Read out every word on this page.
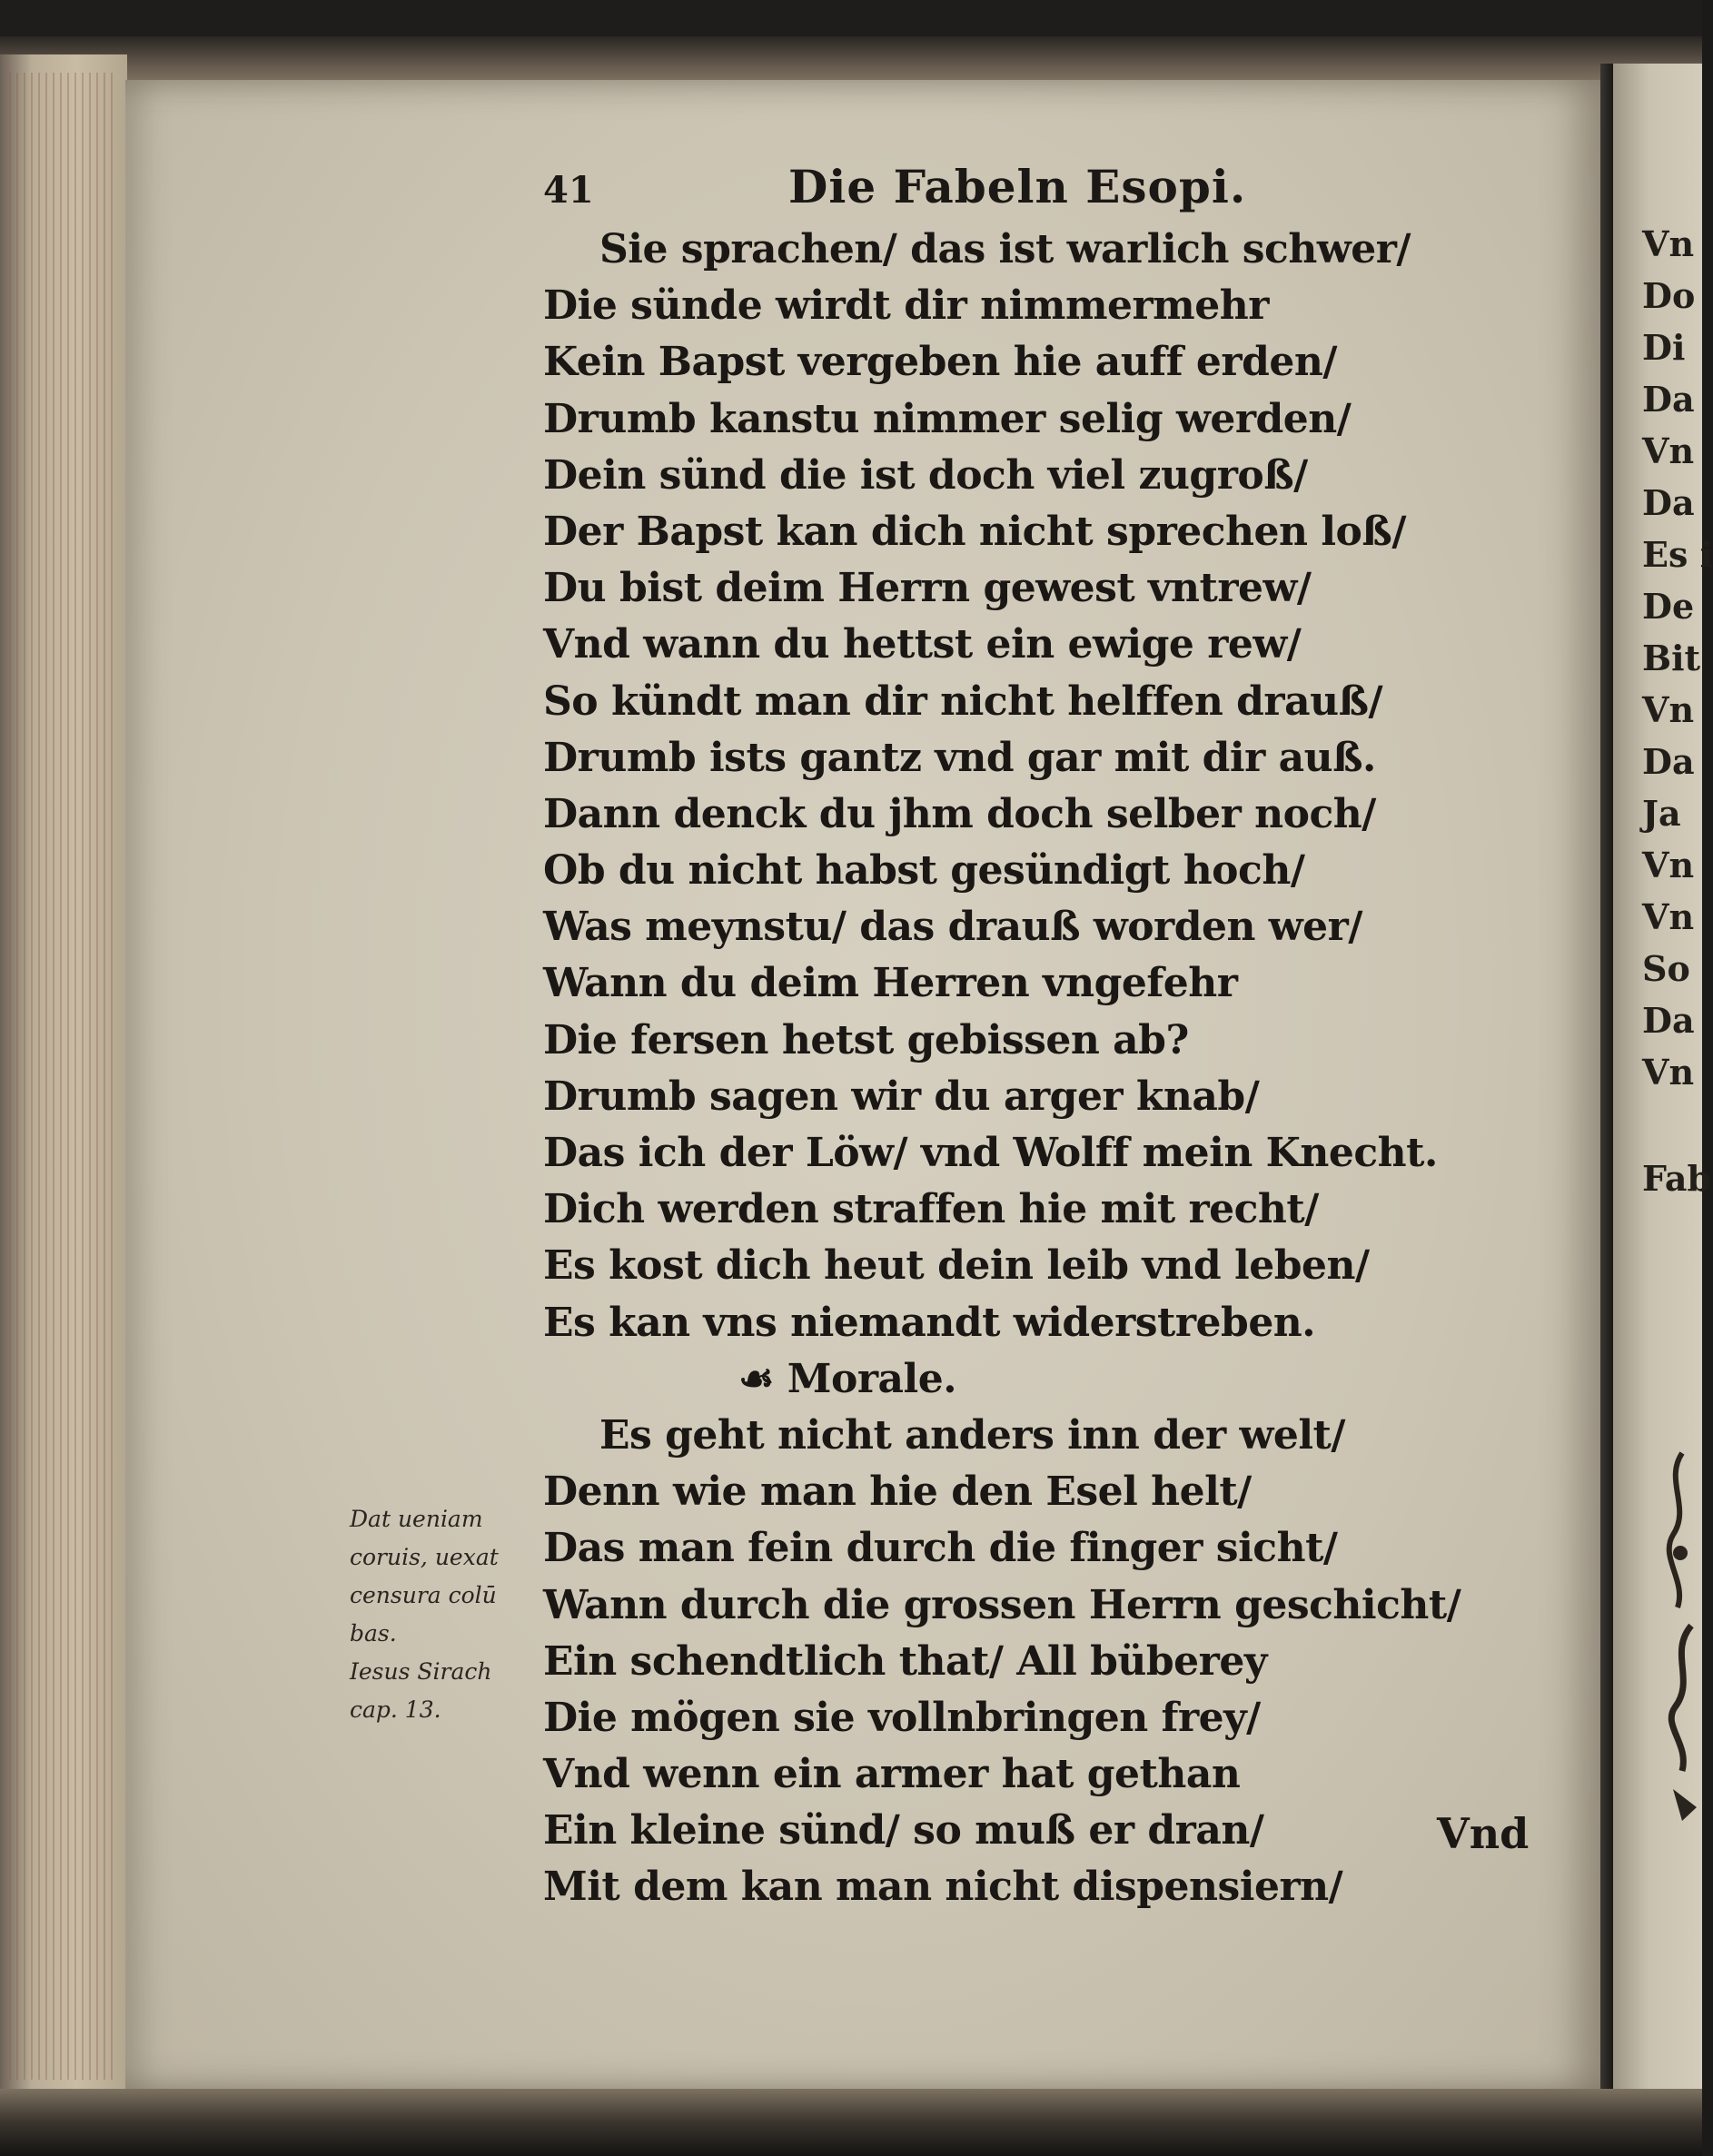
41	Die Fabeln Esopi.
Sie sprachen/ das ist warlich schwer/
Die sünde wirdt dir nimmermehr
Kein Bapst vergeben hie auff erden/
Drumb kanstu nimmer selig werden/
Dein sünd die ist doch viel zugroß/
Der Bapst kan dich nicht sprechen loß/
Du bist deim Herrn gewest vntrew/
Vnd wann du hettst ein ewige rew/
So kündt man dir nicht helffen drauß/
Drumb ists gantz vnd gar mit dir auß.
Dann denck du jhm doch selber noch/
Ob du nicht habst gesündigt hoch/
Was meynstu/ das drauß worden wer/
Wann du deim Herren vngefehr
Die fersen hetst gebissen ab?
Drumb sagen wir du arger knab/
Das ich der Löw/ vnd Wolff mein Knecht.
Dich werden straffen hie mit recht/
Es kost dich heut dein leib vnd leben/
Es kan vns niemandt widerstreben.
☙ Morale.
Es geht nicht anders inn der welt/
Denn wie man hie den Esel helt/
Das man fein durch die finger sicht/
Wann durch die grossen Herrn geschicht/
Ein schendtlich that/ All büberey
Die mögen sie vollnbringen frey/
Vnd wenn ein armer hat gethan
Ein kleine sünd/ so muß er dran/
Mit dem kan man nicht dispensiern/
Dat ueniam
coruis, uexat
censura colū
bas.
Iesus Sirach
cap. 13.
Vnd
Vn
Do
Di
Da
Vn
Da
Es i
De
Bit
Vn
Da
Ja
Vn
Vn
So
Da
Vn
Fab
